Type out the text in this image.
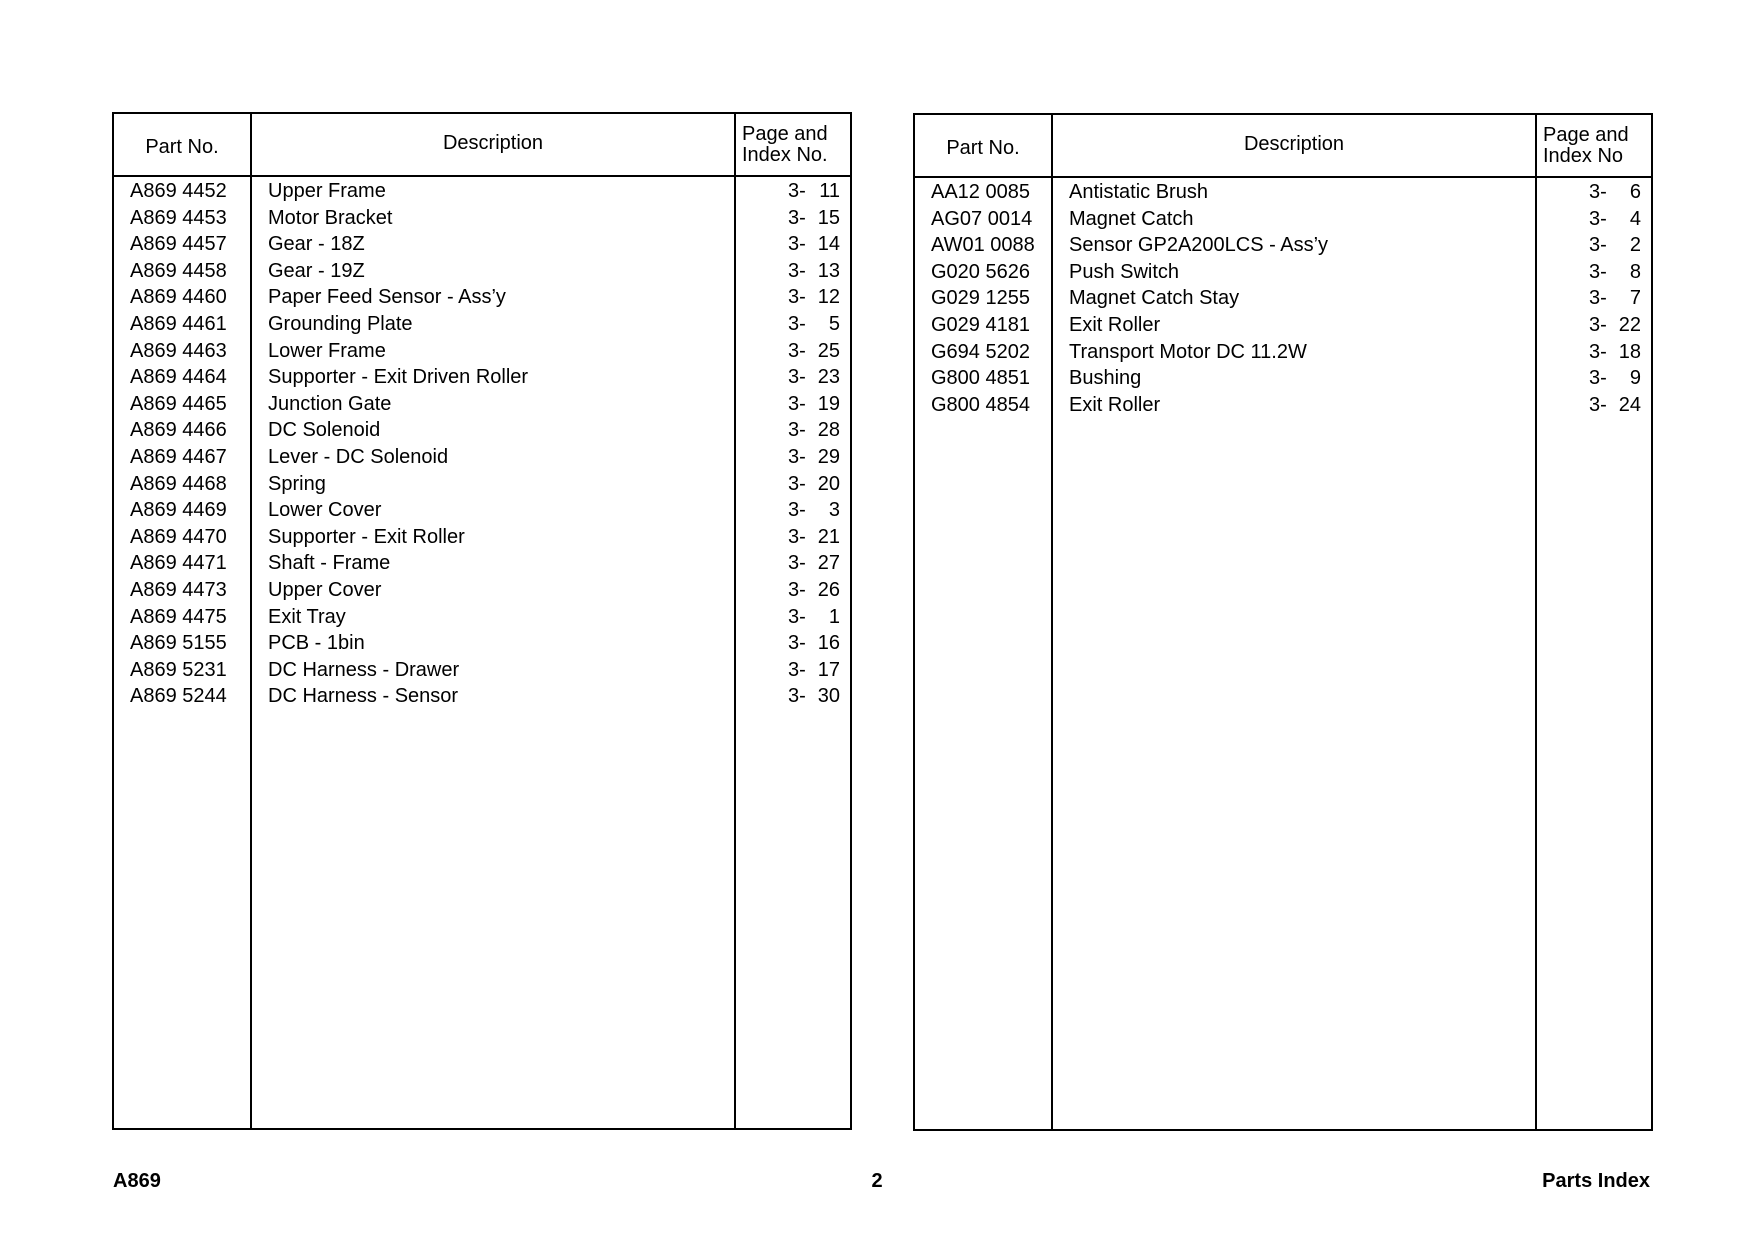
Part No.	Description	Page and
Index No.
A869 4452	Upper Frame	3- 11
A869 4453	Motor Bracket	3- 15
A869 4457	Gear - 18Z	3- 14
A869 4458	Gear - 19Z	3- 13
A869 4460	Paper Feed Sensor - Ass’y	3- 12
A869 4461	Grounding Plate	3-	5
A869 4463	Lower Frame	3- 25
A869 4464	Supporter - Exit Driven Roller	3- 23
A869 4465	Junction Gate	3- 19
A869 4466	DC Solenoid	3- 28
A869 4467	Lever - DC Solenoid	3- 29
A869 4468	Spring	3- 20
A869 4469	Lower Cover	3-	3
A869 4470	Supporter - Exit Roller	3- 21
A869 4471	Shaft - Frame	3- 27
A869 4473	Upper Cover	3- 26
A869 4475	Exit Tray	3-	1
A869 5155	PCB - 1bin	3- 16
A869 5231	DC Harness - Drawer	3- 17
A869 5244	DC Harness - Sensor	3- 30
Part No.	Description	Page and
Index No
AA12 0085	Antistatic Brush	3-	6
AG07 0014	Magnet Catch	3-	4
AW01 0088	Sensor GP2A200LCS - Ass’y	3-	2
G020 5626	Push Switch	3-	8
G029 1255	Magnet Catch Stay	3-	7
G029 4181	Exit Roller	3- 22
G694 5202	Transport Motor DC 11.2W	3- 18
G800 4851	Bushing	3-	9
G800 4854	Exit Roller	3- 24
A869	2	Parts Index
